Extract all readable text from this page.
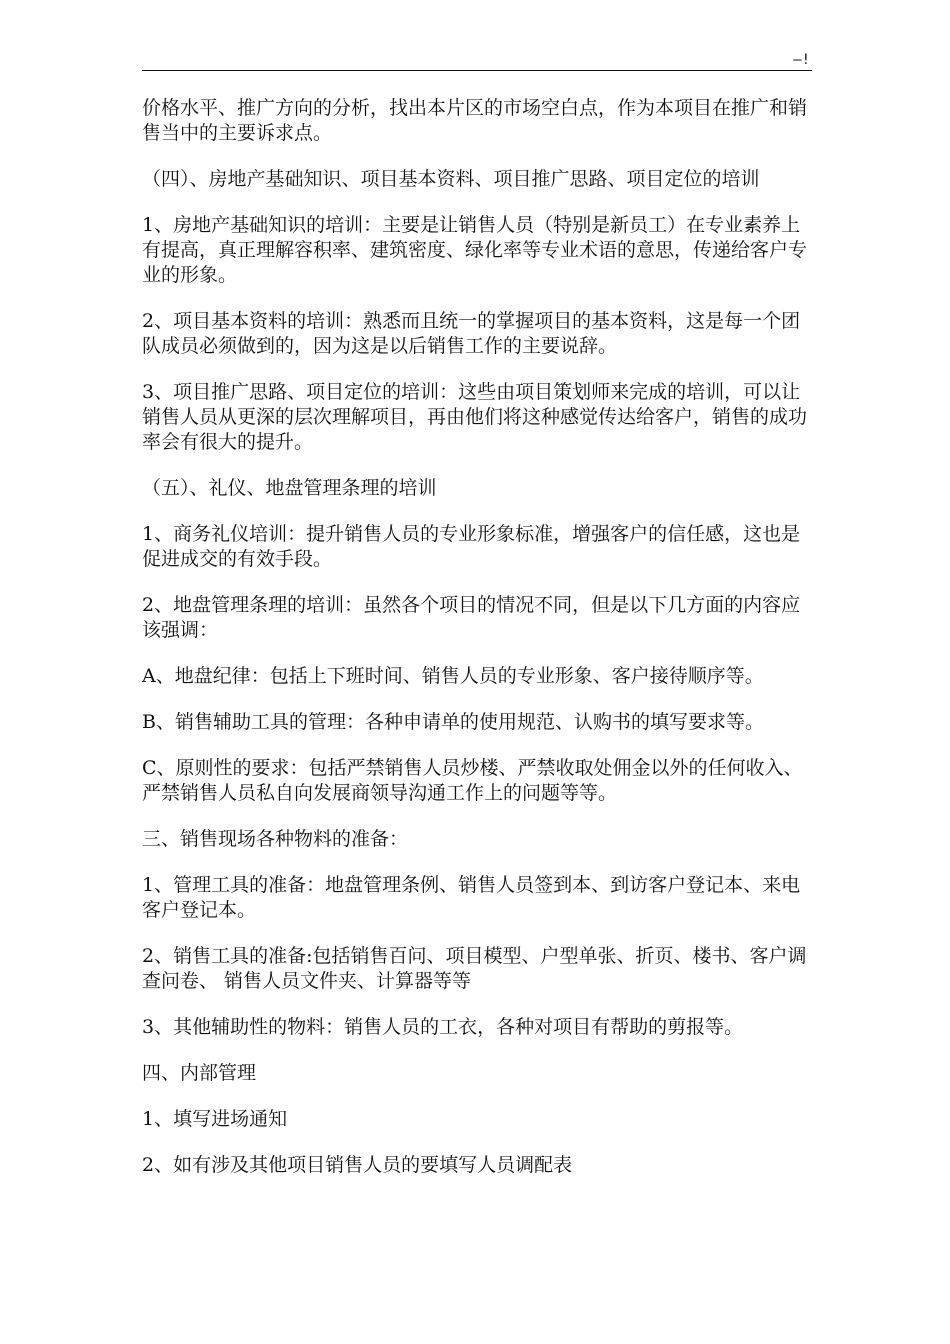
—!

价格水平、推广方向的分析，找出本片区的市场空白点，作为本项目在推广和销售当中的主要诉求点。

（四）、房地产基础知识、项目基本资料、项目推广思路、项目定位的培训

1、房地产基础知识的培训：主要是让销售人员（特别是新员工）在专业素养上有提高，真正理解容积率、建筑密度、绿化率等专业术语的意思，传递给客户专业的形象。

2、项目基本资料的培训：熟悉而且统一的掌握项目的基本资料，这是每一个团队成员必须做到的，因为这是以后销售工作的主要说辞。

3、项目推广思路、项目定位的培训：这些由项目策划师来完成的培训，可以让销售人员从更深的层次理解项目，再由他们将这种感觉传达给客户，销售的成功率会有很大的提升。

（五）、礼仪、地盘管理条理的培训

1、商务礼仪培训：提升销售人员的专业形象标准，增强客户的信任感，这也是促进成交的有效手段。

2、地盘管理条理的培训：虽然各个项目的情况不同，但是以下几方面的内容应该强调：

A、地盘纪律：包括上下班时间、销售人员的专业形象、客户接待顺序等。

B、销售辅助工具的管理：各种申请单的使用规范、认购书的填写要求等。

C、原则性的要求：包括严禁销售人员炒楼、严禁收取处佣金以外的任何收入、严禁销售人员私自向发展商领导沟通工作上的问题等等。

三、销售现场各种物料的准备：

1、管理工具的准备：地盘管理条例、销售人员签到本、到访客户登记本、来电客户登记本。

2、销售工具的准备:包括销售百问、项目模型、户型单张、折页、楼书、客户调查问卷、 销售人员文件夹、计算器等等

3、其他辅助性的物料：销售人员的工衣，各种对项目有帮助的剪报等。

四、内部管理

1、填写进场通知

2、如有涉及其他项目销售人员的要填写人员调配表
